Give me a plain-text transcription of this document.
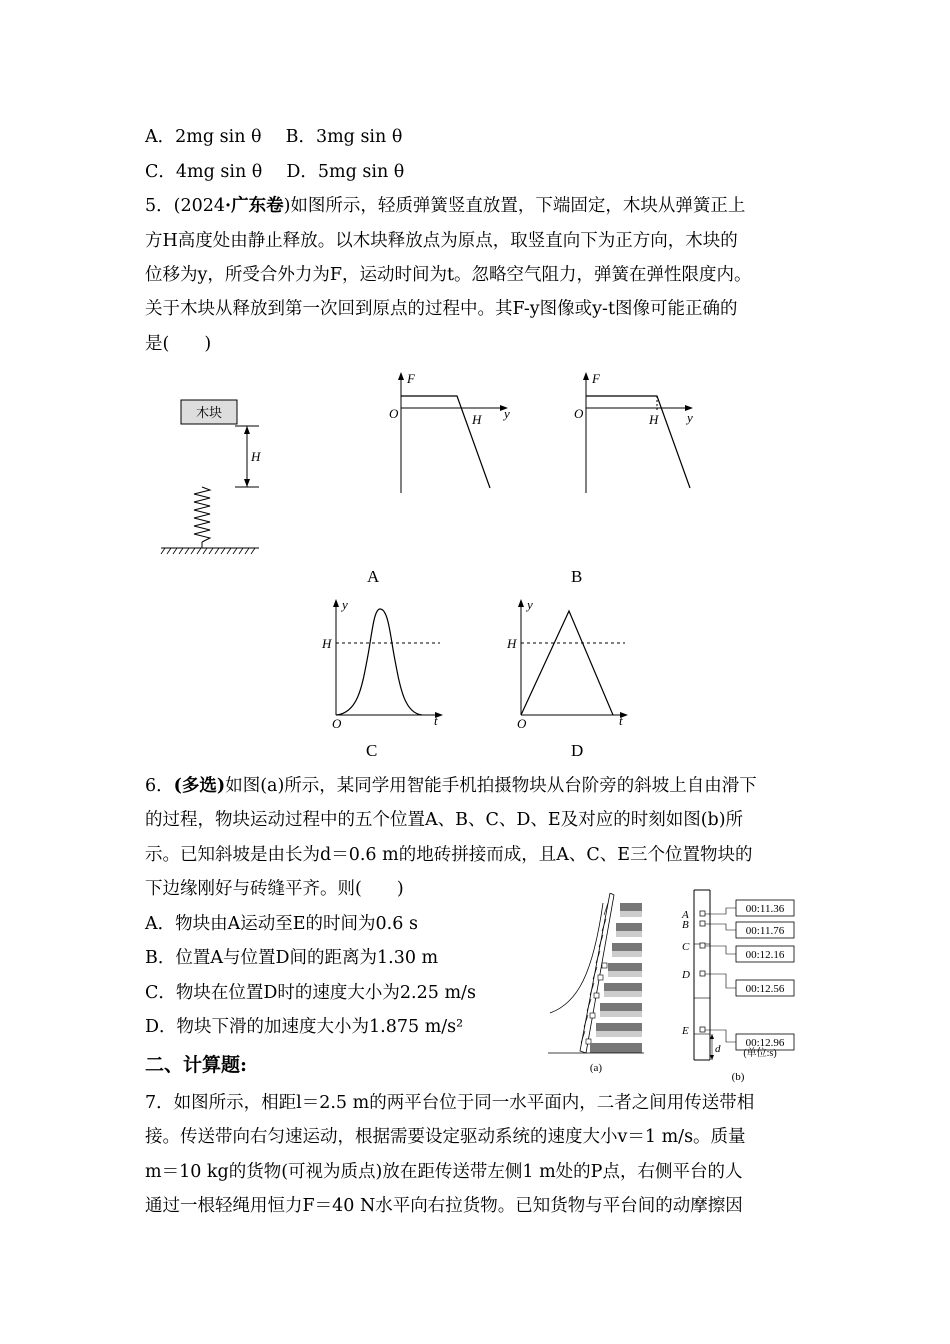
A．2mg sin θ B．3mg sin θ
C．4mg sin θ D．5mg sin θ
5．(2024·广东卷)如图所示，轻质弹簧竖直放置，下端固定，木块从弹簧正上
方H高度处由静止释放。以木块释放点为原点，取竖直向下为正方向，木块的
位移为y，所受合外力为F，运动时间为t。忽略空气阻力，弹簧在弹性限度内。
关于木块从释放到第一次回到原点的过程中。其F-y图像或y-t图像可能正确的
是(　　)
木块
H
F
O	y
H
F
O	y
H
A	B
y
H
O	t
y
H
O	t
C	D
6．(多选)如图(a)所示，某同学用智能手机拍摄物块从台阶旁的斜坡上自由滑下
的过程，物块运动过程中的五个位置A、B、C、D、E及对应的时刻如图(b)所
示。已知斜坡是由长为d＝0.6 m的地砖拼接而成，且A、C、E三个位置物块的
下边缘刚好与砖缝平齐。则(　　)
A．物块由A运动至E的时间为0.6 s
B．位置A与位置D间的距离为1.30 m
C．物块在位置D时的速度大小为2.25 m/s
D．物块下滑的加速度大小为1.875 m/s²
(a)
A	00:11.36
B	00:11.76
C
00:12.16
D
00:12.56
E
00:12.96
d (单位:s)
(b)
二、计算题:
7．如图所示，相距l＝2.5 m的两平台位于同一水平面内，二者之间用传送带相
接。传送带向右匀速运动，根据需要设定驱动系统的速度大小v＝1 m/s。质量
m＝10 kg的货物(可视为质点)放在距传送带左侧1 m处的P点，右侧平台的人
通过一根轻绳用恒力F＝40 N水平向右拉货物。已知货物与平台间的动摩擦因
